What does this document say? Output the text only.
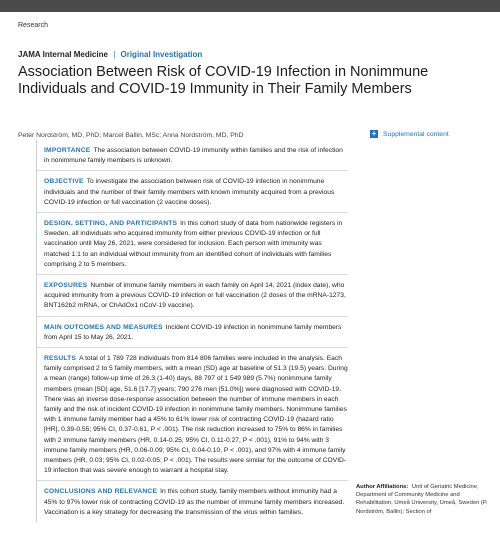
Research
JAMA Internal Medicine | Original Investigation
Association Between Risk of COVID-19 Infection in Nonimmune Individuals and COVID-19 Immunity in Their Family Members
Peter Nordström, MD, PhD; Marcel Ballin, MSc; Anna Nordström, MD, PhD	+ Supplemental content
IMPORTANCE The association between COVID-19 immunity within families and the risk of infection in nonimmune family members is unknown.
OBJECTIVE To investigate the association between risk of COVID-19 infection in nonimmune individuals and the number of their family members with known immunity acquired from a previous COVID-19 infection or full vaccination (2 vaccine doses).
DESIGN, SETTING, AND PARTICIPANTS In this cohort study of data from nationwide registers in Sweden, all individuals who acquired immunity from either previous COVID-19 infection or full vaccination until May 26, 2021, were considered for inclusion. Each person with immunity was matched 1:1 to an individual without immunity from an identified cohort of individuals with families comprising 2 to 5 members.
EXPOSURES Number of immune family members in each family on April 14, 2021 (index date), who acquired immunity from a previous COVID-19 infection or full vaccination (2 doses of the mRNA-1273, BNT162b2 mRNA, or ChAdOx1 nCoV-19 vaccine).
MAIN OUTCOMES AND MEASURES Incident COVID-19 infection in nonimmune family members from April 15 to May 26, 2021.
RESULTS A total of 1 789 728 individuals from 814 806 families were included in the analysis. Each family comprised 2 to 5 family members, with a mean (SD) age at baseline of 51.3 (19.5) years. During a mean (range) follow-up time of 26.3 (1-40) days, 88 797 of 1 549 989 (5.7%) nonimmune family members (mean [SD] age, 51.6 [17.7] years; 790 276 men [51.0%]) were diagnosed with COVID-19. There was an inverse dose-response association between the number of immune members in each family and the risk of incident COVID-19 infection in nonimmune family members. Nonimmune families with 1 immune family member had a 45% to 61% lower risk of contracting COVID-19 (hazard ratio [HR], 0.39-0.55; 95% CI, 0.37-0.61, P < .001). The risk reduction increased to 75% to 86% in families with 2 immune family members (HR, 0.14-0.25; 95% CI, 0.11-0.27, P < .001), 91% to 94% with 3 immune family members (HR, 0.06-0.09; 95% CI, 0.04-0.10, P < .001), and 97% with 4 immune family members (HR, 0.03; 95% CI, 0.02-0.05; P < .001). The results were similar for the outcome of COVID-19 infection that was severe enough to warrant a hospital stay.
CONCLUSIONS AND RELEVANCE In this cohort study, family members without immunity had a 45% to 97% lower risk of contracting COVID-19 as the number of immune family members increased. Vaccination is a key strategy for decreasing the transmission of the virus within families.
Author Affiliations: Unit of Geriatric Medicine, Department of Community Medicine and Rehabilitation, Umeå University, Umeå, Sweden (P. Nordström, Ballin); Section of
